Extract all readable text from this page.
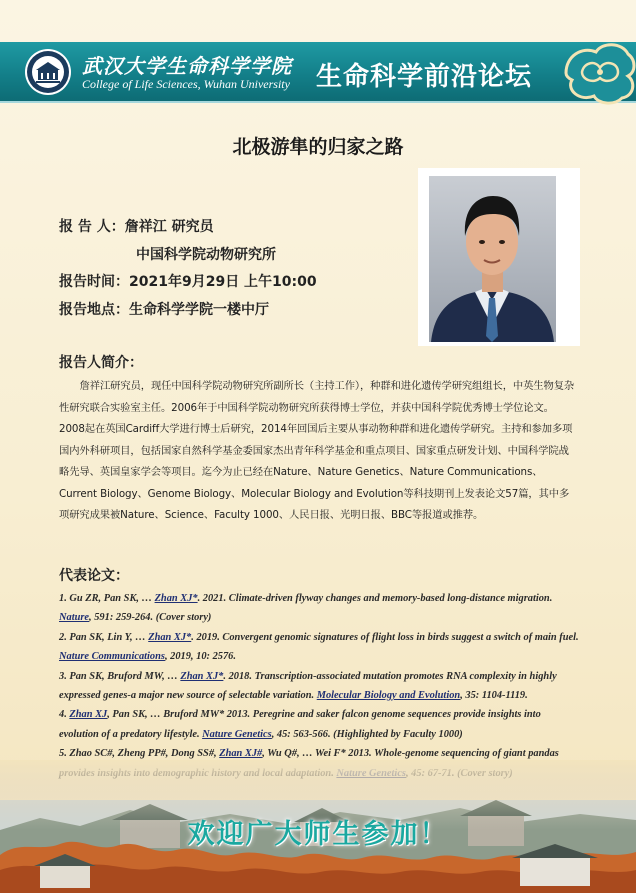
武汉大学生命科学学院
College of Life Sciences, Wuhan University 生命科学前沿论坛
北极游隼的归家之路
报 告 人：詹祥江 研究员
中国科学院动物研究所
报告时间：2021年9月29日 上午10:00
报告地点：生命科学学院一楼中厅
报告人简介：
詹祥江研究员，现任中国科学院动物研究所副所长（主持工作），种群和进化遗传学研究组组长，中英生物复杂性研究联合实验室主任。2006年于中国科学院动物研究所获得博士学位，并获中国科学院优秀博士学位论文。2008起在英国Cardiff大学进行博士后研究，2014年回国后主要从事动物种群和进化遗传学研究。主持和参加多项国内外科研项目，包括国家自然科学基金委国家杰出青年科学基金和重点项目、国家重点研发计划、中国科学院战略先导、英国皇家学会等项目。迄今为止已经在Nature、Nature Genetics、Nature Communications、Current Biology、Genome Biology、Molecular Biology and Evolution等科技期刊上发表论文57篇，其中多项研究成果被Nature、Science、Faculty 1000、人民日报、光明日报、BBC等报道或推荐。
代表论文：

1. Gu ZR, Pan SK, … Zhan XJ*. 2021. Climate-driven flyway changes and memory-based long-distance migration. Nature, 591: 259-264. (Cover story)

2. Pan SK, Lin Y, … Zhan XJ*. 2019. Convergent genomic signatures of flight loss in birds suggest a switch of main fuel. Nature Communications, 2019, 10: 2576.

3. Pan SK, Bruford MW, … Zhan XJ*. 2018. Transcription-associated mutation promotes RNA complexity in highly expressed genes-a major new source of selectable variation. Molecular Biology and Evolution, 35: 1104-1119.

4. Zhan XJ, Pan SK, … Bruford MW* 2013. Peregrine and saker falcon genome sequences provide insights into evolution of a predatory lifestyle. Nature Genetics, 45: 563-566. (Highlighted by Faculty 1000)

5. Zhao SC#, Zheng PP#, Dong SS#, Zhan XJ#, Wu Q#, … Wei F* 2013. Whole-genome sequencing of giant pandas

欢迎广大师生参加！
